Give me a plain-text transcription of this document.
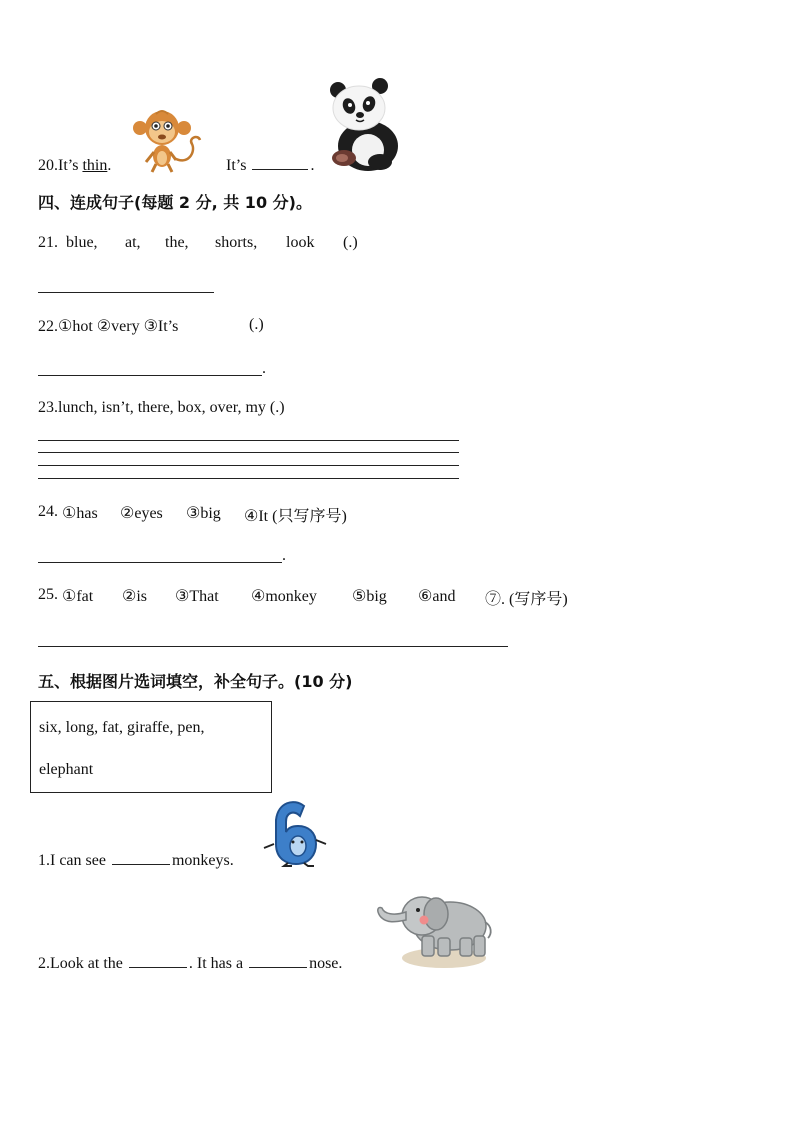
20.It’s thin.	It’s	.
四、连成句子(每题 2 分, 共 10 分)。
21. blue, at, the, shorts, look (.)
22.①hot ②very ③It’s	(.)
.
23.lunch, isn’t, there, box, over, my (.)
24. ①has ②eyes ③big ④It (只写序号)
.
25. ①fat ②is ③That ④monkey ⑤big ⑥and ⑦. (写序号)
五、根据图片选词填空，补全句子。(10 分)
six, long, fat, giraffe, pen,
elephant
1.I can see	monkeys.
2.Look at the	. It has a	nose.
